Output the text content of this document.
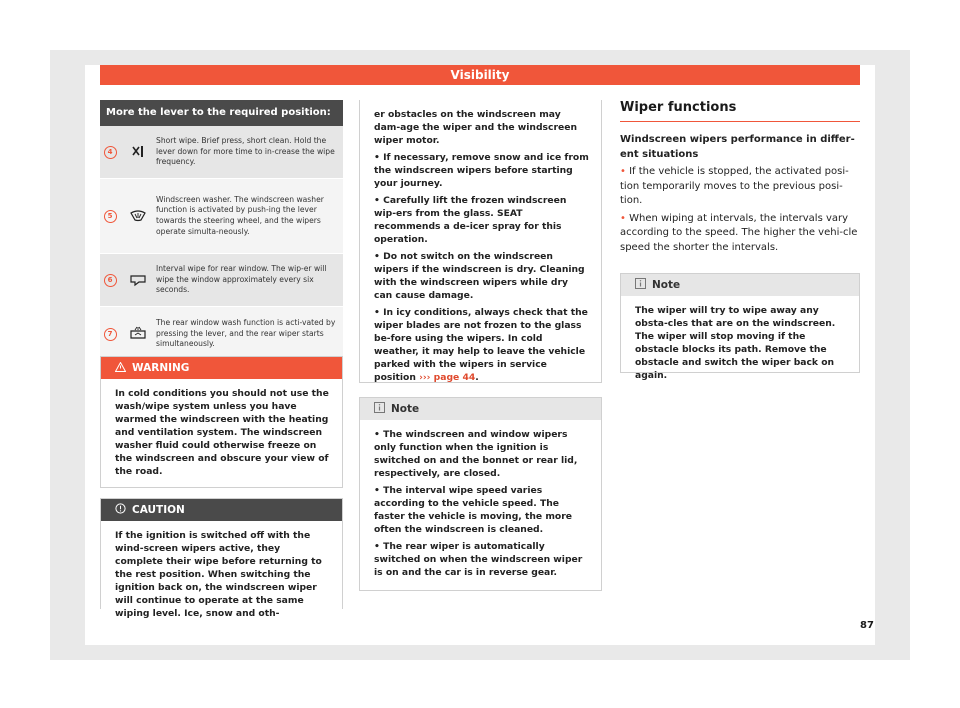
Visibility
More the lever to the required position:
4
Short wipe. Brief press, short clean. Hold the lever down for more time to in-crease the wipe frequency.
5
Windscreen washer. The windscreen washer function is activated by push-ing the lever towards the steering wheel, and the wipers operate simulta-neously.
6
Interval wipe for rear window. The wip-er will wipe the window approximately every six seconds.
7
The rear window wash function is acti-vated by pressing the lever, and the rear wiper starts simultaneously.
WARNING
In cold conditions you should not use the wash/wipe system unless you have warmed the windscreen with the heating and ventilation system. The windscreen washer fluid could otherwise freeze on the windscreen and obscure your view of the road.
CAUTION
If the ignition is switched off with the wind-screen wipers active, they complete their wipe before returning to the rest position. When switching the ignition back on, the windscreen wiper will continue to operate at the same wiping level. Ice, snow and oth-

er obstacles on the windscreen may dam-age the wiper and the windscreen wiper motor.

• If necessary, remove snow and ice from the windscreen wipers before starting your journey.

• Carefully lift the frozen windscreen wip-ers from the glass. SEAT recommends a de-icer spray for this operation.

• Do not switch on the windscreen wipers if the windscreen is dry. Cleaning with the windscreen wipers while dry can cause damage.

• In icy conditions, always check that the wiper blades are not frozen to the glass be-fore using the wipers. In cold weather, it may help to leave the vehicle parked with the wipers in service position ››› page 44.

Note

• The windscreen and window wipers only function when the ignition is switched on and the bonnet or rear lid, respectively, are closed.

• The interval wipe speed varies according to the vehicle speed. The faster the vehicle is moving, the more often the windscreen is cleaned.

• The rear wiper is automatically switched on when the windscreen wiper is on and the car is in reverse gear.

Wiper functions

Windscreen wipers performance in differ-ent situations

• If the vehicle is stopped, the activated posi-tion temporarily moves to the previous posi-tion.

• When wiping at intervals, the intervals vary according to the speed. The higher the vehi-cle speed the shorter the intervals.

Note
The wiper will try to wipe away any obsta-cles that are on the windscreen. The wiper will stop moving if the obstacle blocks its path. Remove the obstacle and switch the wiper back on again.
87
